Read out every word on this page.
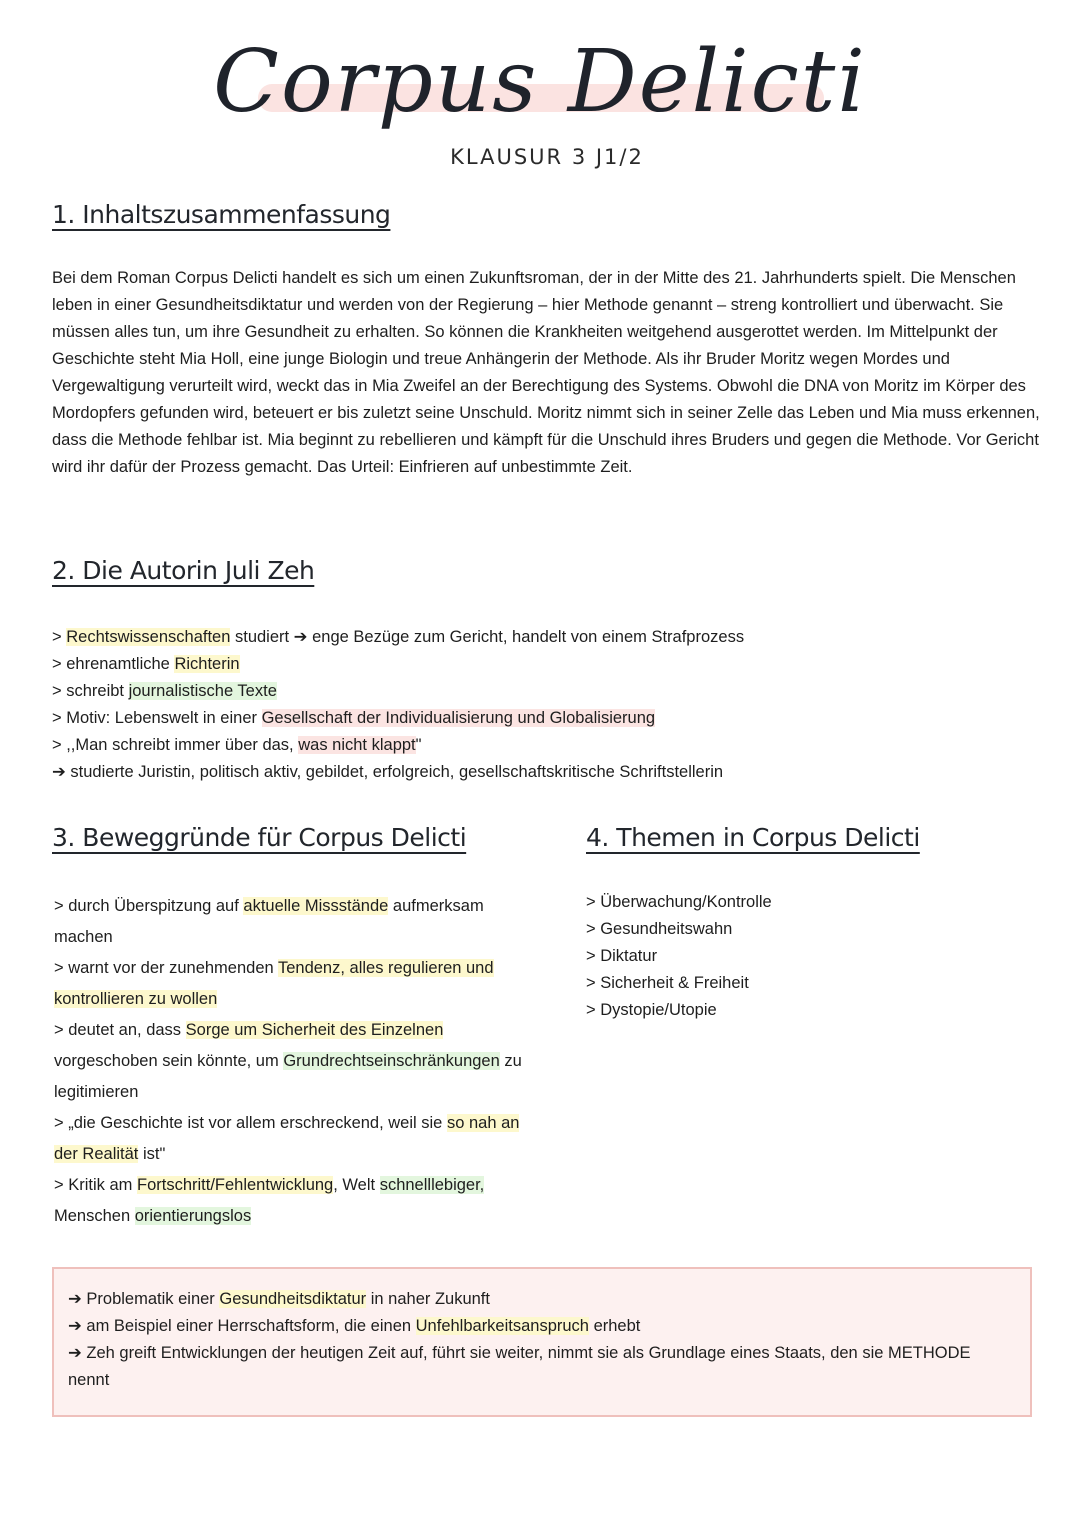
Corpus Delicti
KLAUSUR 3 J1/2
1. Inhaltszusammenfassung

Bei dem Roman Corpus Delicti handelt es sich um einen Zukunftsroman, der in der Mitte des 21. Jahrhunderts spielt. Die Menschen leben in einer Gesundheitsdiktatur und werden von der Regierung – hier Methode genannt – streng kontrolliert und überwacht. Sie müssen alles tun, um ihre Gesundheit zu erhalten. So können die Krankheiten weitgehend ausgerottet werden. Im Mittelpunkt der Geschichte steht Mia Holl, eine junge Biologin und treue Anhängerin der Methode. Als ihr Bruder Moritz wegen Mordes und Vergewaltigung verurteilt wird, weckt das in Mia Zweifel an der Berechtigung des Systems. Obwohl die DNA von Moritz im Körper des Mordopfers gefunden wird, beteuert er bis zuletzt seine Unschuld. Moritz nimmt sich in seiner Zelle das Leben und Mia muss erkennen, dass die Methode fehlbar ist. Mia beginnt zu rebellieren und kämpft für die Unschuld ihres Bruders und gegen die Methode. Vor Gericht wird ihr dafür der Prozess gemacht. Das Urteil: Einfrieren auf unbestimmte Zeit.

2. Die Autorin Juli Zeh
> Rechtswissenschaften studiert ➔ enge Bezüge zum Gericht, handelt von einem Strafprozess
> ehrenamtliche Richterin
> schreibt journalistische Texte
> Motiv: Lebenswelt in einer Gesellschaft der Individualisierung und Globalisierung
> ,,Man schreibt immer über das, was nicht klappt"
➔ studierte Juristin, politisch aktiv, gebildet, erfolgreich, gesellschaftskritische Schriftstellerin
3. Beweggründe für Corpus Delicti

> durch Überspitzung auf aktuelle Missstände aufmerksam machen

> warnt vor der zunehmenden Tendenz, alles regulieren und kontrollieren zu wollen

> deutet an, dass Sorge um Sicherheit des Einzelnen vorgeschoben sein könnte, um Grundrechtseinschränkungen zu legitimieren

> „die Geschichte ist vor allem erschreckend, weil sie so nah an der Realität ist"

> Kritik am Fortschritt/Fehlentwicklung, Welt schnelllebiger, Menschen orientierungslos

4. Themen in Corpus Delicti
> Überwachung/Kontrolle
> Gesundheitswahn
> Diktatur
> Sicherheit & Freiheit
> Dystopie/Utopie

➔ Problematik einer Gesundheitsdiktatur in naher Zukunft

➔ am Beispiel einer Herrschaftsform, die einen Unfehlbarkeitsanspruch erhebt

➔ Zeh greift Entwicklungen der heutigen Zeit auf, führt sie weiter, nimmt sie als Grundlage eines Staats, den sie METHODE nennt
